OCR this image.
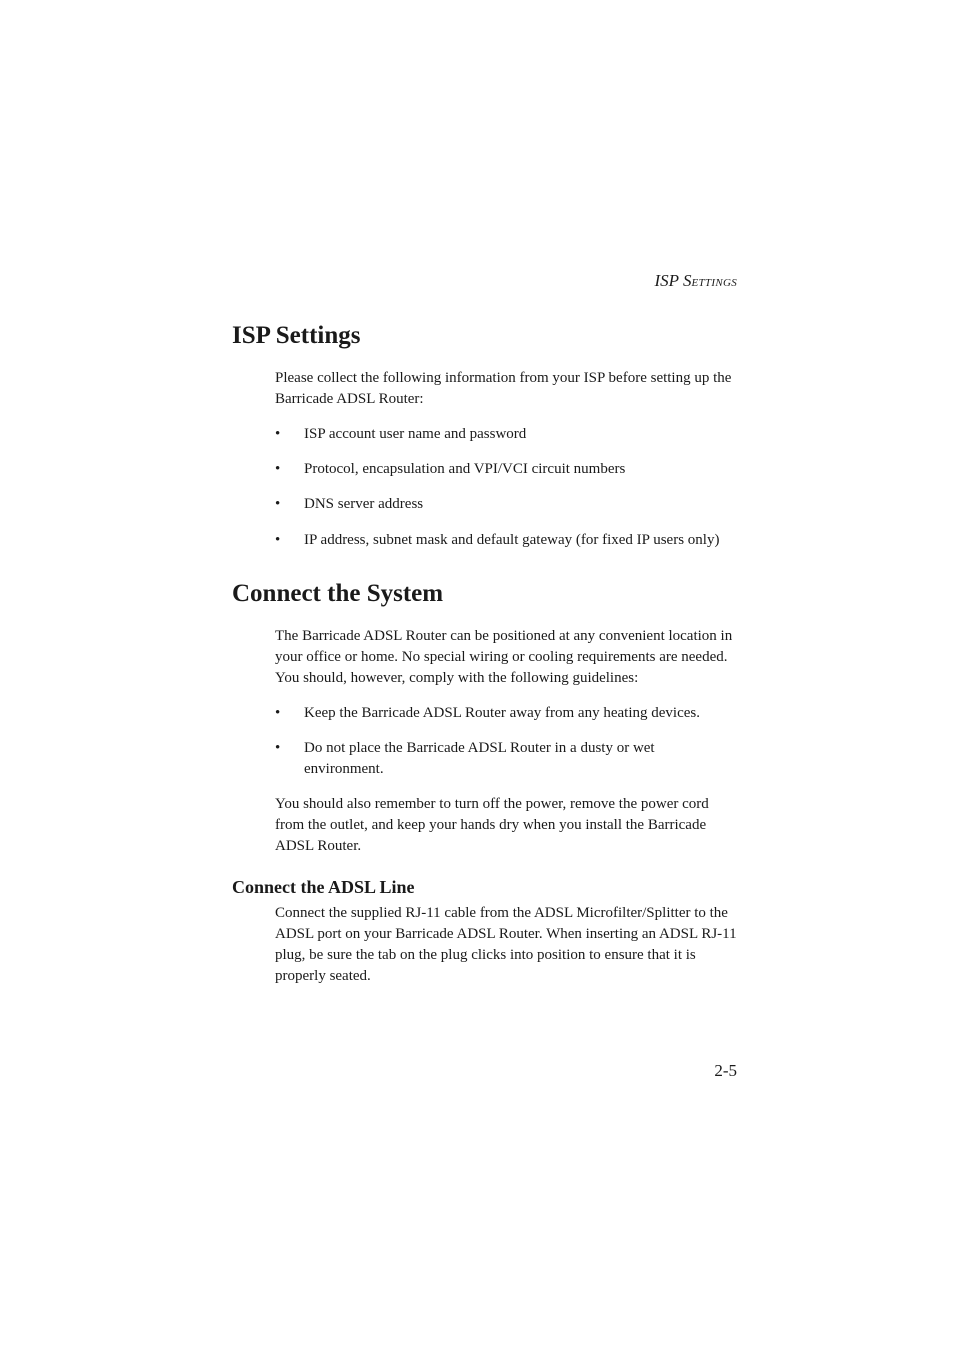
ISP SETTINGS
ISP Settings

Please collect the following information from your ISP before setting up the Barricade ADSL Router:

• ISP account user name and password
• Protocol, encapsulation and VPI/VCI circuit numbers
• DNS server address
• IP address, subnet mask and default gateway (for fixed IP users only)
Connect the System

The Barricade ADSL Router can be positioned at any convenient location in your office or home. No special wiring or cooling requirements are needed. You should, however, comply with the following guidelines:

• Keep the Barricade ADSL Router away from any heating devices.
• Do not place the Barricade ADSL Router in a dusty or wet environment.

You should also remember to turn off the power, remove the power cord from the outlet, and keep your hands dry when you install the Barricade ADSL Router.

Connect the ADSL Line

Connect the supplied RJ-11 cable from the ADSL Microfilter/Splitter to the ADSL port on your Barricade ADSL Router. When inserting an ADSL RJ-11 plug, be sure the tab on the plug clicks into position to ensure that it is properly seated.

2-5
